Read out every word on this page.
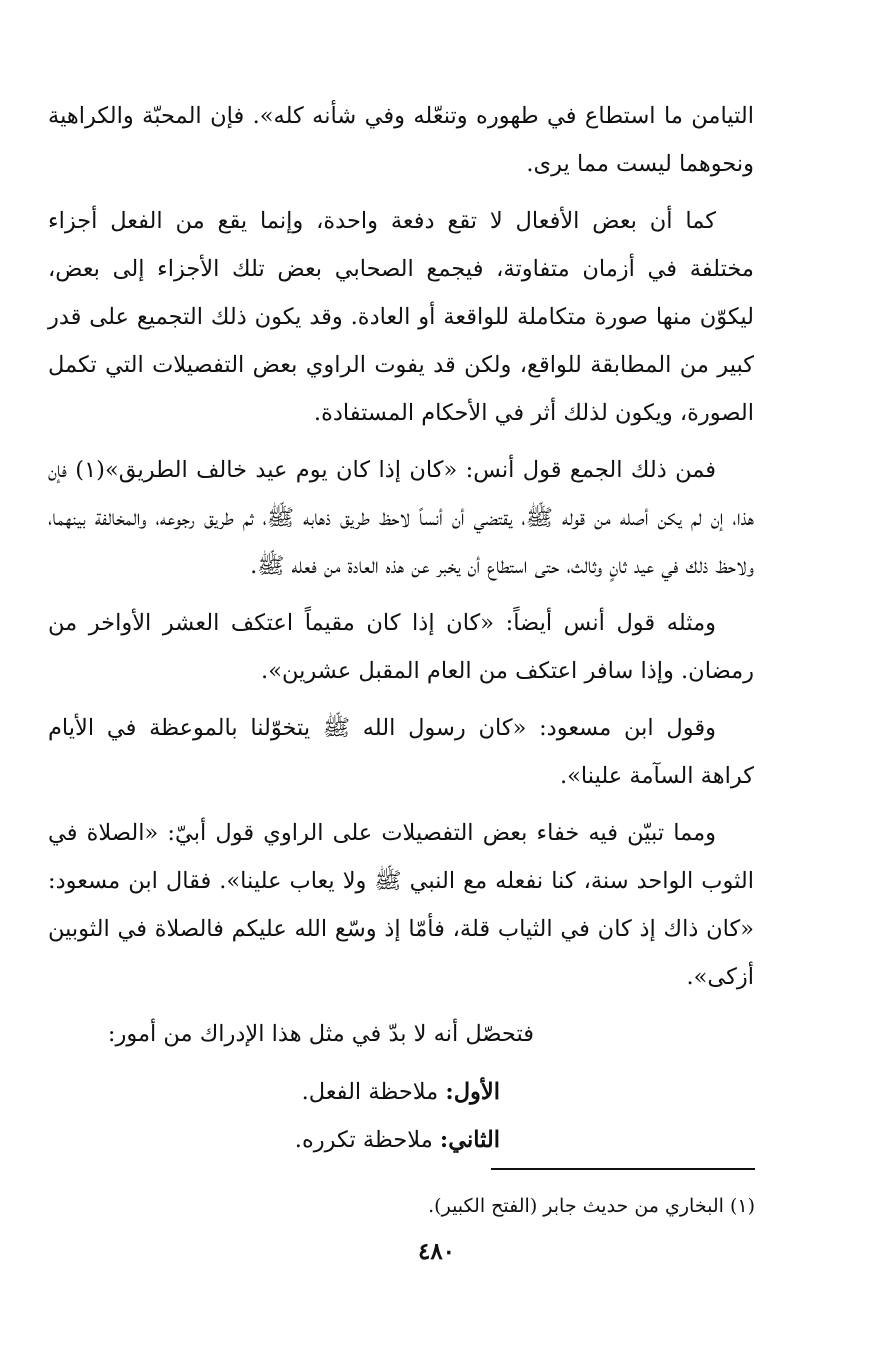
التيامن ما استطاع في طهوره وتنعّله وفي شأنه كله». فإن المحبّة والكراهية ونحوهما ليست مما يرى.

كما أن بعض الأفعال لا تقع دفعة واحدة، وإنما يقع من الفعل أجزاء مختلفة في أزمان متفاوتة، فيجمع الصحابي بعض تلك الأجزاء إلى بعض، ليكوّن منها صورة متكاملة للواقعة أو العادة. وقد يكون ذلك التجميع على قدر كبير من المطابقة للواقع، ولكن قد يفوت الراوي بعض التفصيلات التي تكمل الصورة، ويكون لذلك أثر في الأحكام المستفادة.

فمن ذلك الجمع قول أنس: «كان إذا كان يوم عيد خالف الطريق»(١) فإن هذا، إن لم يكن أصله من قوله ﷺ، يقتضي أن أنساً لاحظ طريق ذهابه ﷺ، ثم طريق رجوعه، والمخالفة بينهما، ولاحظ ذلك في عيد ثانٍ وثالث، حتى استطاع أن يخبر عن هذه العادة من فعله ﷺ.

ومثله قول أنس أيضاً: «كان إذا كان مقيماً اعتكف العشر الأواخر من رمضان. وإذا سافر اعتكف من العام المقبل عشرين».

وقول ابن مسعود: «كان رسول الله ﷺ يتخوّلنا بالموعظة في الأيام كراهة السآمة علينا».

ومما تبيّن فيه خفاء بعض التفصيلات على الراوي قول أبيّ: «الصلاة في الثوب الواحد سنة، كنا نفعله مع النبي ﷺ ولا يعاب علينا». فقال ابن مسعود: «كان ذاك إذ كان في الثياب قلة، فأمّا إذ وسّع الله عليكم فالصلاة في الثوبين أزكى».

فتحصّل أنه لا بدّ في مثل هذا الإدراك من أمور:

الأول: ملاحظة الفعل.

الثاني: ملاحظة تكرره.

(١) البخاري من حديث جابر (الفتح الكبير).
٤٨٠
